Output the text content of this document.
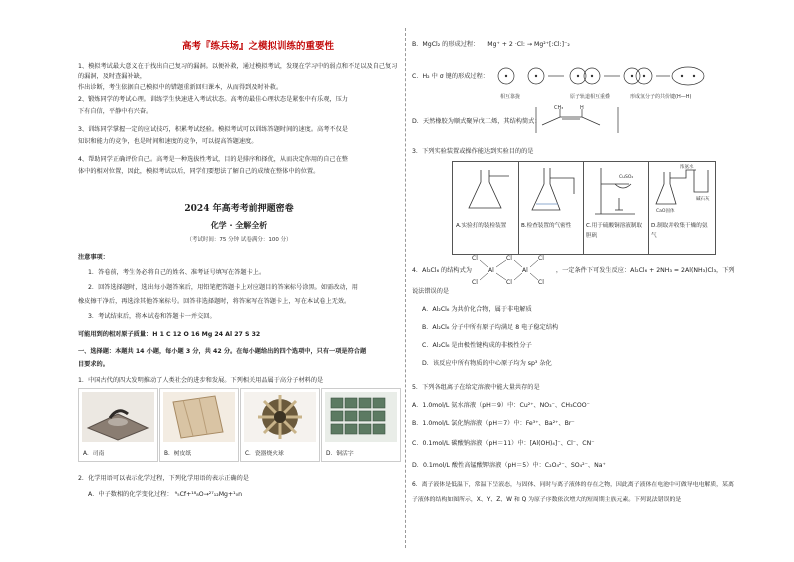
高考『练兵场』之模拟训练的重要性
1、模拟考试最大意义在于找出自己复习的漏洞。以便补救，通过模拟考试，发现在学习中的弱点和不足以及自己复习的漏洞，及时查漏补缺，
作出诊断，考生依据自己模拟中的错题重新回归课本，从而得到及时补救。
2、锻炼同学的考试心理。训练学生快速进入考试状态。高考的最佳心理状态是紧张中有乐观，压力
下有自信，平静中有兴奋。
3、训练同学掌握一定的应试技巧，积累考试经验。模拟考试可以训练答题时间的速度。高考不仅是
知识和能力的竞争，也是时间和速度的竞争，可以提高答题速度。
4、帮助同学正确评价自己。高考是一种选拔性考试，目的是排序和择优，从而决定你用的自己在整
体中的相对位置，因此，模拟考试以后，同学们要想法了解自己的成绩在整体中的位置。
2024 年高考考前押题密卷
化学 · 全解全析
（考试时间：75 分钟 试卷满分：100 分）
注意事项：
1．答卷前，考生务必将自己的姓名、准考证号填写在答题卡上。
2．回答选择题时，选出每小题答案后，用铅笔把答题卡上对应题目的答案标号涂黑。如需改动，用
橡皮擦干净后，再选涂其他答案标号。回答非选择题时，将答案写在答题卡上，写在本试卷上无效。
3．考试结束后，将本试卷和答题卡一并交回。
可能用到的相对原子质量：H 1 C 12 O 16 Mg 24 Al 27 S 32
一、选择题：本题共 14 小题，每小题 3 分，共 42 分。在每小题给出的四个选项中，只有一项是符合题
目要求的。
1．中国古代的四大发明推动了人类社会的进步和发展。下列相关用品属于高分子材料的是
A．司南	B．树皮纸	C．瓷器烧火球	D．铜活字
2．化学用语可以表示化学过程，下列化学用语的表示正确的是
A．中子数相的化学变化过程： ⁹₅Cf+¹⁸₈O→²⁷₁₂Mg+¹₀n
B．MgCl₂ 的形成过程： Mg⁺ + 2 ·Cl: → Mg²⁺[:Cl:]⁻₂
C．H₂ 中 σ 键的形成过程：
相互靠拢	原子轨道相互重叠	形成氢分子的共价键(H—H)
D．天然橡胶为顺式聚异戊二烯，其结构简式：
CH₃	H
3．下列实验装置或操作能达到实验目的的是
A.实验打的装检装置	B.检查装置的气密性
CuSO₄
C.用于硫酸铜溶液制取胆矾
浓氨水
CaO固体
碱石灰
D.制取并收集干燥的氨气
4．Al₂Cl₆ 的结构式为	，一定条件下可发生反应：Al₂Cl₆ + 2NH₃ = 2Al(NH₃)Cl₃，下列
Cl
Cl
Al
Cl
Cl
Al
Cl
Cl
说法错误的是
A．Al₂Cl₆ 为共价化合物，属于非电解质
B．Al₂Cl₆ 分子中所有原子均满足 8 电子稳定结构
C．Al₂Cl₆ 是由极性键构成的非极性分子
D．该反应中所有物质的中心原子均为 sp³ 杂化
5．下列各组离子在给定溶液中能大量共存的是
A．1.0mol/L 氨水溶液（pH＝9）中：Cu²⁺、NO₃⁻、CH₃COO⁻
B．1.0mol/L 氯化钠溶液（pH＝7）中：Fe³⁺、Ba²⁺、Br⁻
C．0.1mol/L 碳酸钠溶液（pH＝11）中：[Al(OH)₄]⁻、Cl⁻、CN⁻
D．0.1mol/L 酸性高锰酸钾溶液（pH＝5）中：C₂O₄²⁻、SO₄²⁻、Na⁺
6．离子液体是低温下，常温下呈液态，与固体、同时与离子液体的存在之物，因此离子液体在电池中可做导电电解质，某离
子液体的结构如图所示，X、Y、Z、W 和 Q 为原子序数依次增大的短周期主族元素。下列说法错误的是
